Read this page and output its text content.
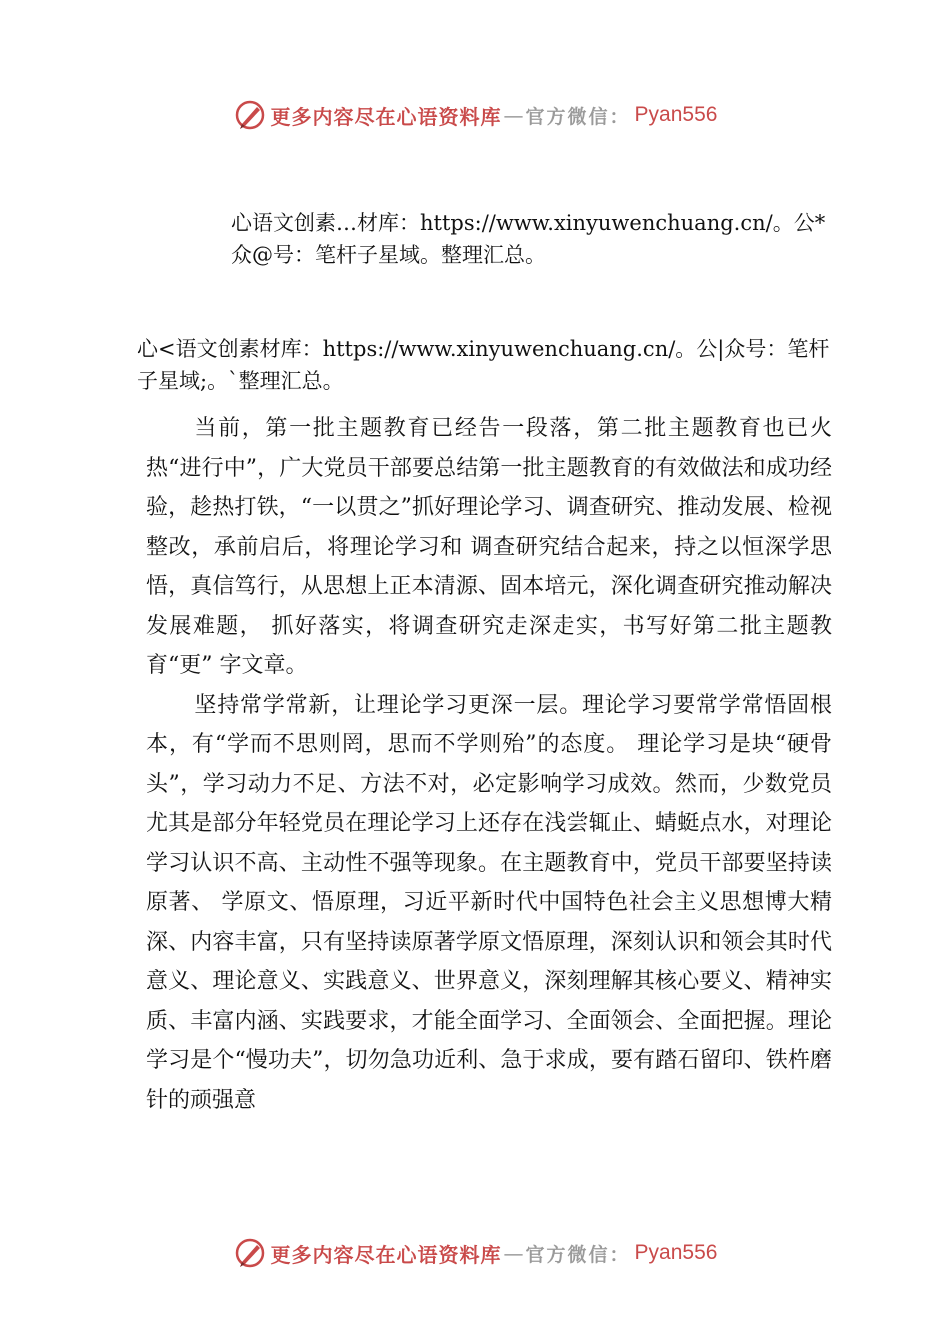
更多内容尽在心语资料库 — 官方微信： Pyan556
心语文创素…材库：https://www.xinyuwenchuang.cn/。公*众@号：笔杆子星域。整理汇总。
心<语文创素材库：https://www.xinyuwenchuang.cn/。公|众号：笔杆子星域;。`整理汇总。

当前，第一批主题教育已经告一段落，第二批主题教育也已火热“进行中”，广大党员干部要总结第一批主题教育的有效做法和成功经验，趁热打铁，“一以贯之”抓好理论学习、调查研究、推动发展、检视整改，承前启后，将理论学习和 调查研究结合起来，持之以恒深学思悟，真信笃行，从思想上正本清源、固本培元，深化调查研究推动解决发展难题， 抓好落实，将调查研究走深走实，书写好第二批主题教育“更” 字文章。

坚持常学常新，让理论学习更深一层。理论学习要常学常悟固根本，有“学而不思则罔，思而不学则殆”的态度。 理论学习是块“硬骨头”，学习动力不足、方法不对，必定影响学习成效。然而，少数党员尤其是部分年轻党员在理论学习上还存在浅尝辄止、蜻蜓点水，对理论学习认识不高、主动性不强等现象。在主题教育中，党员干部要坚持读原著、 学原文、悟原理，习近平新时代中国特色社会主义思想博大精深、内容丰富，只有坚持读原著学原文悟原理，深刻认识和领会其时代意义、理论意义、实践意义、世界意义，深刻理解其核心要义、精神实质、丰富内涵、实践要求，才能全面学习、全面领会、全面把握。理论学习是个“慢功夫”，切勿急功近利、急于求成，要有踏石留印、铁杵磨针的顽强意

更多内容尽在心语资料库 — 官方微信： Pyan556
